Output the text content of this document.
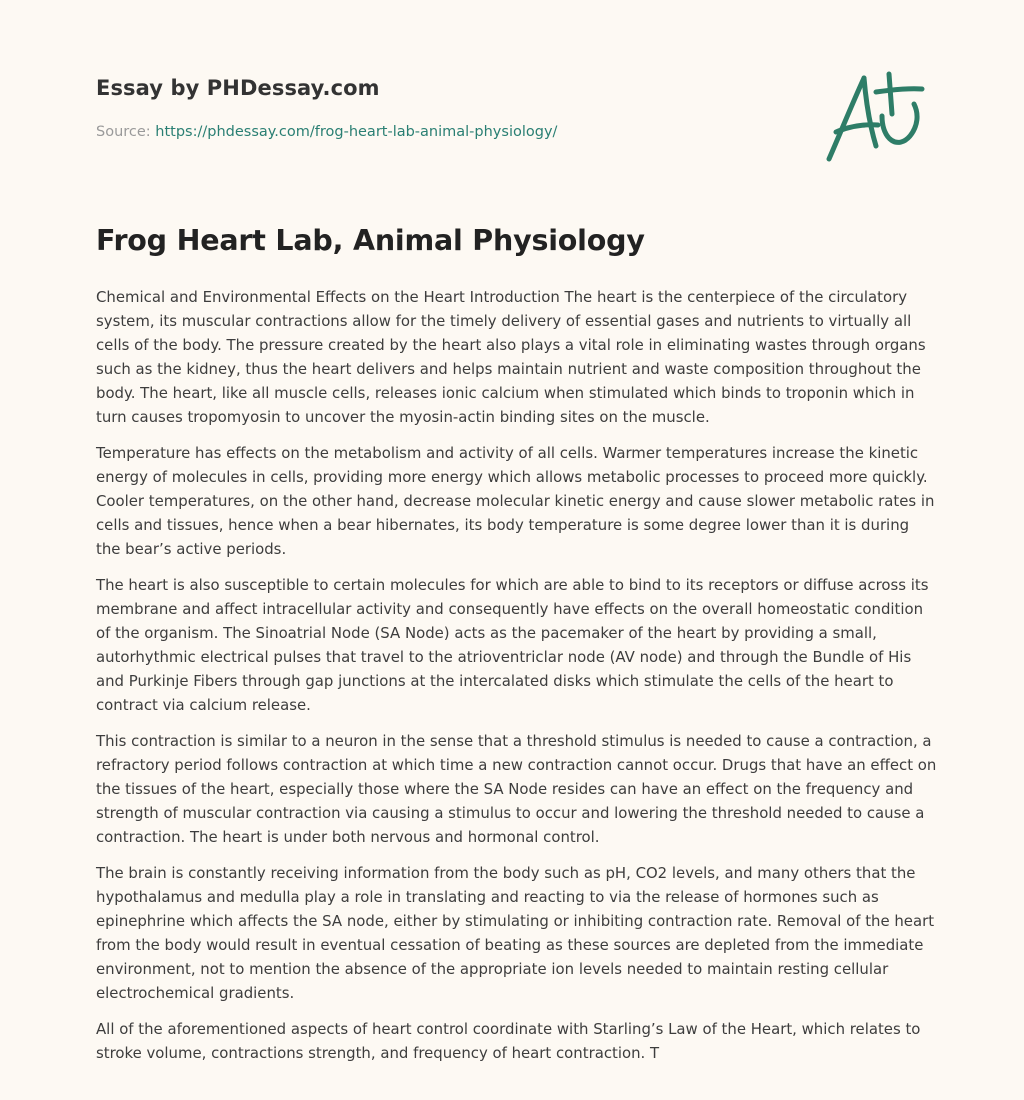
Essay by PHDessay.com

Source: https://phdessay.com/frog-heart-lab-animal-physiology/

Frog Heart Lab, Animal Physiology

Chemical and Environmental Effects on the Heart Introduction The heart is the centerpiece of the circulatory system, its muscular contractions allow for the timely delivery of essential gases and nutrients to virtually all cells of the body. The pressure created by the heart also plays a vital role in eliminating wastes through organs such as the kidney, thus the heart delivers and helps maintain nutrient and waste composition throughout the body. The heart, like all muscle cells, releases ionic calcium when stimulated which binds to troponin which in turn causes tropomyosin to uncover the myosin-actin binding sites on the muscle.

Temperature has effects on the metabolism and activity of all cells. Warmer temperatures increase the kinetic energy of molecules in cells, providing more energy which allows metabolic processes to proceed more quickly. Cooler temperatures, on the other hand, decrease molecular kinetic energy and cause slower metabolic rates in cells and tissues, hence when a bear hibernates, its body temperature is some degree lower than it is during the bear’s active periods.

The heart is also susceptible to certain molecules for which are able to bind to its receptors or diffuse across its membrane and affect intracellular activity and consequently have effects on the overall homeostatic condition of the organism. The Sinoatrial Node (SA Node) acts as the pacemaker of the heart by providing a small, autorhythmic electrical pulses that travel to the atrioventriclar node (AV node) and through the Bundle of His and Purkinje Fibers through gap junctions at the intercalated disks which stimulate the cells of the heart to contract via calcium release.

This contraction is similar to a neuron in the sense that a threshold stimulus is needed to cause a contraction, a refractory period follows contraction at which time a new contraction cannot occur. Drugs that have an effect on the tissues of the heart, especially those where the SA Node resides can have an effect on the frequency and strength of muscular contraction via causing a stimulus to occur and lowering the threshold needed to cause a contraction. The heart is under both nervous and hormonal control.

The brain is constantly receiving information from the body such as pH, CO2 levels, and many others that the hypothalamus and medulla play a role in translating and reacting to via the release of hormones such as epinephrine which affects the SA node, either by stimulating or inhibiting contraction rate. Removal of the heart from the body would result in eventual cessation of beating as these sources are depleted from the immediate environment, not to mention the absence of the appropriate ion levels needed to maintain resting cellular electrochemical gradients.

All of the aforementioned aspects of heart control coordinate with Starling’s Law of the Heart, which relates to stroke volume, contractions strength, and frequency of heart contraction. T
